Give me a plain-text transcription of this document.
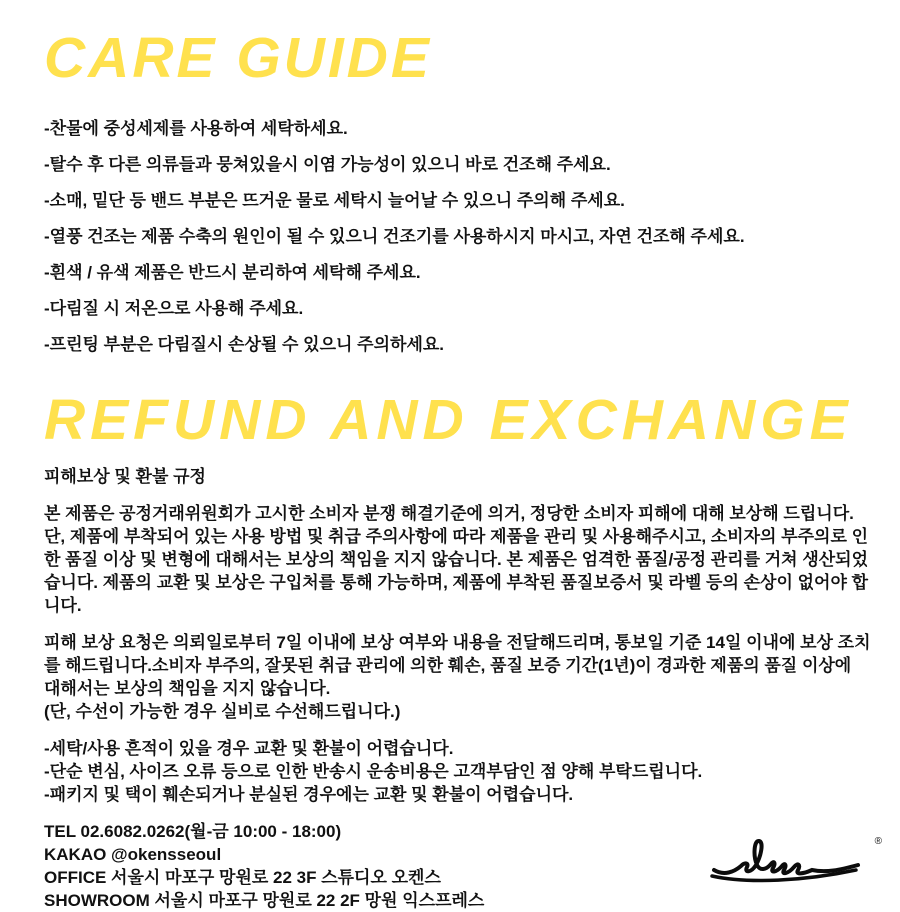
CARE GUIDE
-찬물에 중성세제를 사용하여 세탁하세요.
-탈수 후 다른 의류들과 뭉쳐있을시 이염 가능성이 있으니 바로 건조해 주세요.
-소매, 밑단 등 밴드 부분은 뜨거운 물로 세탁시 늘어날 수 있으니 주의해 주세요.
-열풍 건조는 제품 수축의 원인이 될 수 있으니 건조기를 사용하시지 마시고, 자연 건조해 주세요.
-흰색 / 유색 제품은 반드시 분리하여 세탁해 주세요.
-다림질 시 저온으로 사용해 주세요.
-프린팅 부분은 다림질시 손상될 수 있으니 주의하세요.
REFUND AND EXCHANGE

피해보상 및 환불 규정

본 제품은 공정거래위원회가 고시한 소비자 분쟁 해결기준에 의거, 정당한 소비자 피해에 대해 보상해 드립니다. 단, 제품에 부착되어 있는 사용 방법 및 취급 주의사항에 따라 제품을 관리 및 사용해주시고, 소비자의 부주의로 인한 품질 이상 및 변형에 대해서는 보상의 책임을 지지 않습니다. 본 제품은 엄격한 품질/공정 관리를 거쳐 생산되었습니다. 제품의 교환 및 보상은 구입처를 통해 가능하며, 제품에 부착된 품질보증서 및 라벨 등의 손상이 없어야 합니다.

피해 보상 요청은 의뢰일로부터 7일 이내에 보상 여부와 내용을 전달해드리며, 통보일 기준 14일 이내에 보상 조치를 해드립니다.소비자 부주의, 잘못된 취급 관리에 의한 훼손, 품질 보증 기간(1년)이 경과한 제품의 품질 이상에 대해서는 보상의 책임을 지지 않습니다.
(단, 수선이 가능한 경우 실비로 수선해드립니다.)

-세탁/사용 흔적이 있을 경우 교환 및 환불이 어렵습니다.
-단순 변심, 사이즈 오류 등으로 인한 반송시 운송비용은 고객부담인 점 양해 부탁드립니다.
-패키지 및 택이 훼손되거나 분실된 경우에는 교환 및 환불이 어렵습니다.
TEL 02.6082.0262(월-금 10:00 - 18:00)
KAKAO @okensseoul
OFFICE 서울시 마포구 망원로 22 3F 스튜디오 오켄스
SHOWROOM 서울시 마포구 망원로 22 2F 망원 익스프레스
®
